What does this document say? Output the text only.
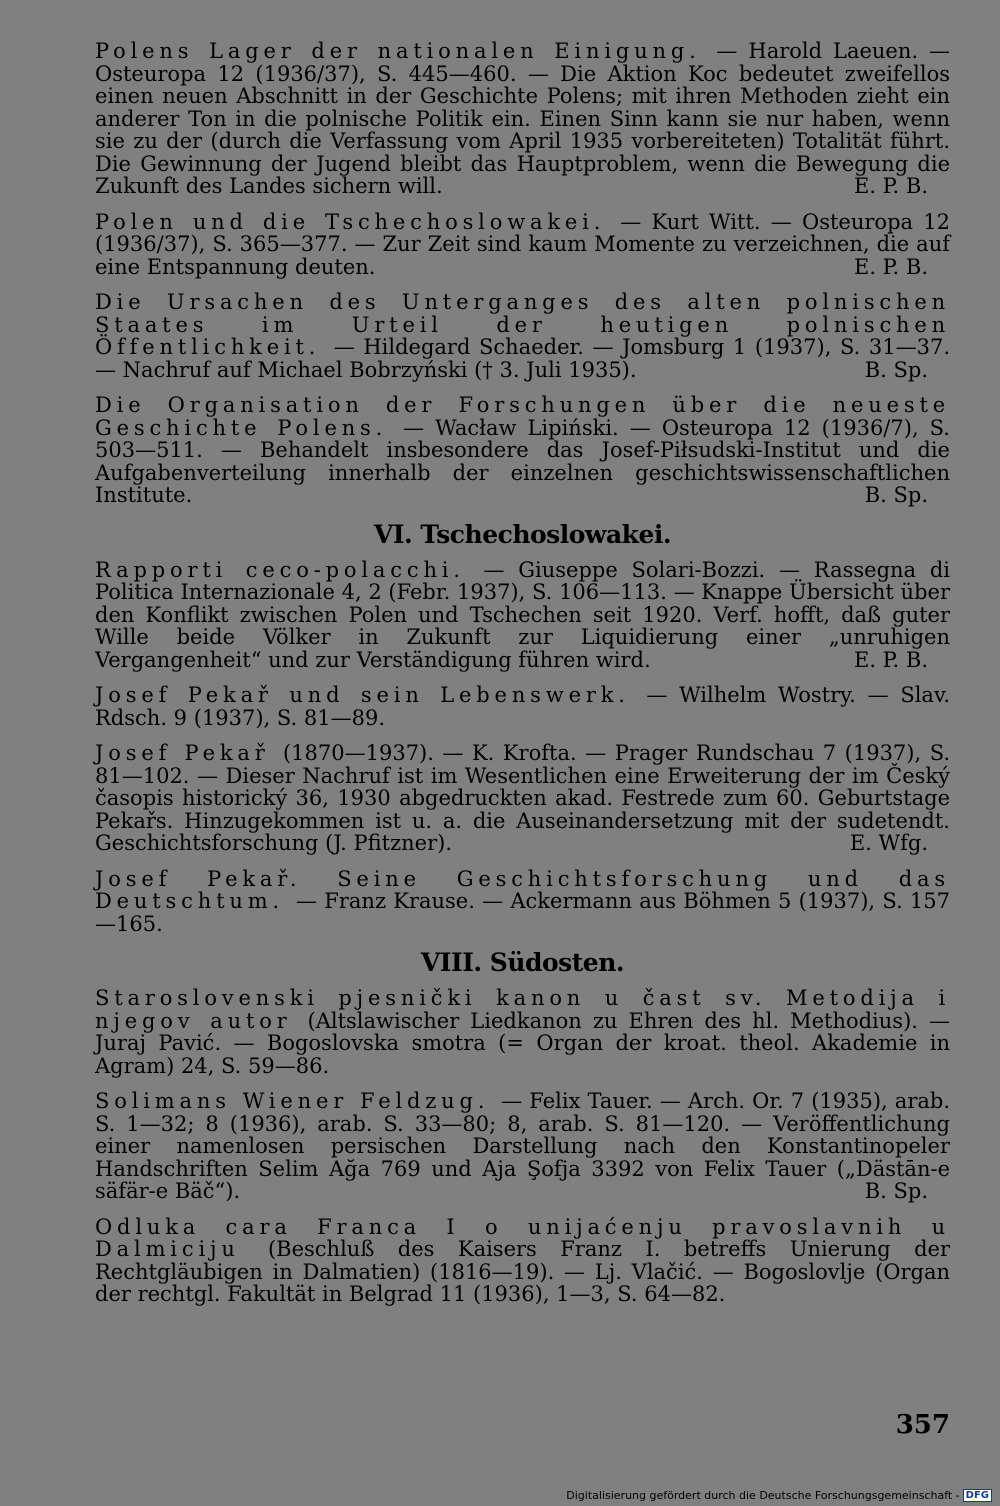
Polens Lager der nationalen Einigung. — Harold Laeuen. — Osteuropa 12 (1936/37), S. 445—460. — Die Aktion Koc bedeutet zweifellos einen neuen Abschnitt in der Geschichte Polens; mit ihren Methoden zieht ein anderer Ton in die polnische Politik ein. Einen Sinn kann sie nur haben, wenn sie zu der (durch die Verfassung vom April 1935 vorbereiteten) Totalität führt. Die Gewinnung der Jugend bleibt das Hauptproblem, wenn die Bewegung die Zukunft des Landes sichern will.	E. P. B.
Polen und die Tschechoslowakei. — Kurt Witt. — Osteuropa 12 (1936/37), S. 365—377. — Zur Zeit sind kaum Momente zu verzeichnen, die auf eine Entspannung deuten.	E. P. B.
Die Ursachen des Unterganges des alten polnischen Staates im Urteil der heutigen polnischen Öffentlichkeit. — Hildegard Schaeder. — Jomsburg 1 (1937), S. 31—37. — Nachruf auf Michael Bobrzyński († 3. Juli 1935).	B. Sp.
Die Organisation der Forschungen über die neueste Geschichte Polens. — Wacław Lipiński. — Osteuropa 12 (1936/7), S. 503—511. — Behandelt insbesondere das Josef-Piłsudski-Institut und die Aufgabenverteilung innerhalb der einzelnen geschichtswissenschaftlichen Institute.	B. Sp.
VI. Tschechoslowakei.
Rapporti ceco-polacchi. — Giuseppe Solari-Bozzi. — Rassegna di Politica Internazionale 4, 2 (Febr. 1937), S. 106—113. — Knappe Übersicht über den Konflikt zwischen Polen und Tschechen seit 1920. Verf. hofft, daß guter Wille beide Völker in Zukunft zur Liquidierung einer „unruhigen Vergangenheit“ und zur Verständigung führen wird.	E. P. B.
Josef Pekař und sein Lebenswerk. — Wilhelm Wostry. — Slav. Rdsch. 9 (1937), S. 81—89.
Josef Pekař (1870—1937). — K. Krofta. — Prager Rundschau 7 (1937), S. 81—102. — Dieser Nachruf ist im Wesentlichen eine Erweiterung der im Český časopis historický 36, 1930 abgedruckten akad. Festrede zum 60. Geburtstage Pekařs. Hinzugekommen ist u. a. die Auseinandersetzung mit der sudetendt. Geschichtsforschung (J. Pfitzner).	E. Wfg.
Josef Pekař. Seine Geschichtsforschung und das Deutschtum. — Franz Krause. — Ackermann aus Böhmen 5 (1937), S. 157—165.
VIII. Südosten.
Staroslovenski pjesnički kanon u čast sv. Metodija i njegov autor (Altslawischer Liedkanon zu Ehren des hl. Methodius). — Juraj Pavić. — Bogoslovska smotra (= Organ der kroat. theol. Akademie in Agram) 24, S. 59—86.
Solimans Wiener Feldzug. — Felix Tauer. — Arch. Or. 7 (1935), arab. S. 1—32; 8 (1936), arab. S. 33—80; 8, arab. S. 81—120. — Veröffentlichung einer namenlosen persischen Darstellung nach den Konstantinopeler Handschriften Selim Ağa 769 und Aja Şofja 3392 von Felix Tauer („Dästān-e säfär-e Bäč“).	B. Sp.
Odluka cara Franca I o unijaćenju pravoslavnih u Dalmiciju (Beschluß des Kaisers Franz I. betreffs Unierung der Rechtgläubigen in Dalmatien) (1816—19). — Lj. Vlačić. — Bogoslovlje (Organ der rechtgl. Fakultät in Belgrad 11 (1936), 1—3, S. 64—82.
357
Digitalisierung gefördert durch die Deutsche Forschungsgemeinschaft - DFG
